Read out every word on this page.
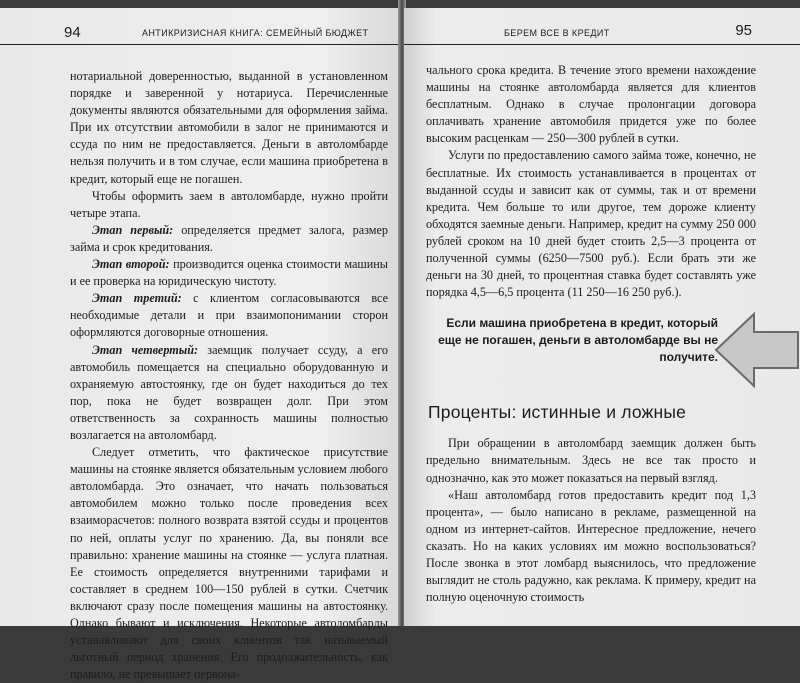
94	АНТИКРИЗИСНАЯ КНИГА: СЕМЕЙНЫЙ БЮДЖЕТ

нотариальной доверенностью, выданной в установленном порядке и заверенной у нотариуса. Перечисленные документы являются обязательными для оформления займа. При их отсутствии автомобили в залог не принимаются и ссуда по ним не предоставляется. Деньги в автоломбарде нельзя получить и в том случае, если машина приобретена в кредит, который еще не погашен.

Чтобы оформить заем в автоломбарде, нужно пройти четыре этапа.

Этап первый: определяется предмет залога, размер займа и срок кредитования.

Этап второй: производится оценка стоимости машины и ее проверка на юридическую чистоту.

Этап третий: с клиентом согласовываются все необходимые детали и при взаимопонимании сторон оформляются договорные отношения.

Этап четвертый: заемщик получает ссуду, а его автомобиль помещается на специально оборудованную и охраняемую автостоянку, где он будет находиться до тех пор, пока не будет возвращен долг. При этом ответственность за сохранность машины полностью возлагается на автоломбард.

Следует отметить, что фактическое присутствие машины на стоянке является обязательным условием любого автоломбарда. Это означает, что начать пользоваться автомобилем можно только после проведения всех взаиморасчетов: полного возврата взятой ссуды и процентов по ней, оплаты услуг по хранению. Да, вы поняли все правильно: хранение машины на стоянке — услуга платная. Ее стоимость определяется внутренними тарифами и составляет в среднем 100—150 рублей в сутки. Счетчик включают сразу после помещения машины на автостоянку. Однако бывают и исключения. Некоторые автоломбарды устанавливают для своих клиентов так называемый льготный период хранения. Его продолжительность, как правило, не превышает первона-

БЕРЕМ ВСЕ В КРЕДИТ	95

чального срока кредита. В течение этого времени нахождение машины на стоянке автоломбарда является для клиентов бесплатным. Однако в случае пролонгации договора оплачивать хранение автомобиля придется уже по более высоким расценкам — 250—300 рублей в сутки.

Услуги по предоставлению самого займа тоже, конечно, не бесплатные. Их стоимость устанавливается в процентах от выданной ссуды и зависит как от суммы, так и от времени кредита. Чем больше то или другое, тем дороже клиенту обходятся заемные деньги. Например, кредит на сумму 250 000 рублей сроком на 10 дней будет стоить 2,5—3 процента от полученной суммы (6250—7500 руб.). Если брать эти же деньги на 30 дней, то процентная ставка будет составлять уже порядка 4,5—6,5 процента (11 250—16 250 руб.).

Если машина приобретена в кредит, который еще не погашен, деньги в автоломбарде вы не получите.
Проценты: истинные и ложные

При обращении в автоломбард заемщик должен быть предельно внимательным. Здесь не все так просто и однозначно, как это может показаться на первый взгляд.

«Наш автоломбард готов предоставить кредит под 1,3 процента», — было написано в рекламе, размещенной на одном из интернет-сайтов. Интересное предложение, нечего сказать. Но на каких условиях им можно воспользоваться? После звонка в этот ломбард выяснилось, что предложение выглядит не столь радужно, как реклама. К примеру, кредит на полную оценочную стоимость
